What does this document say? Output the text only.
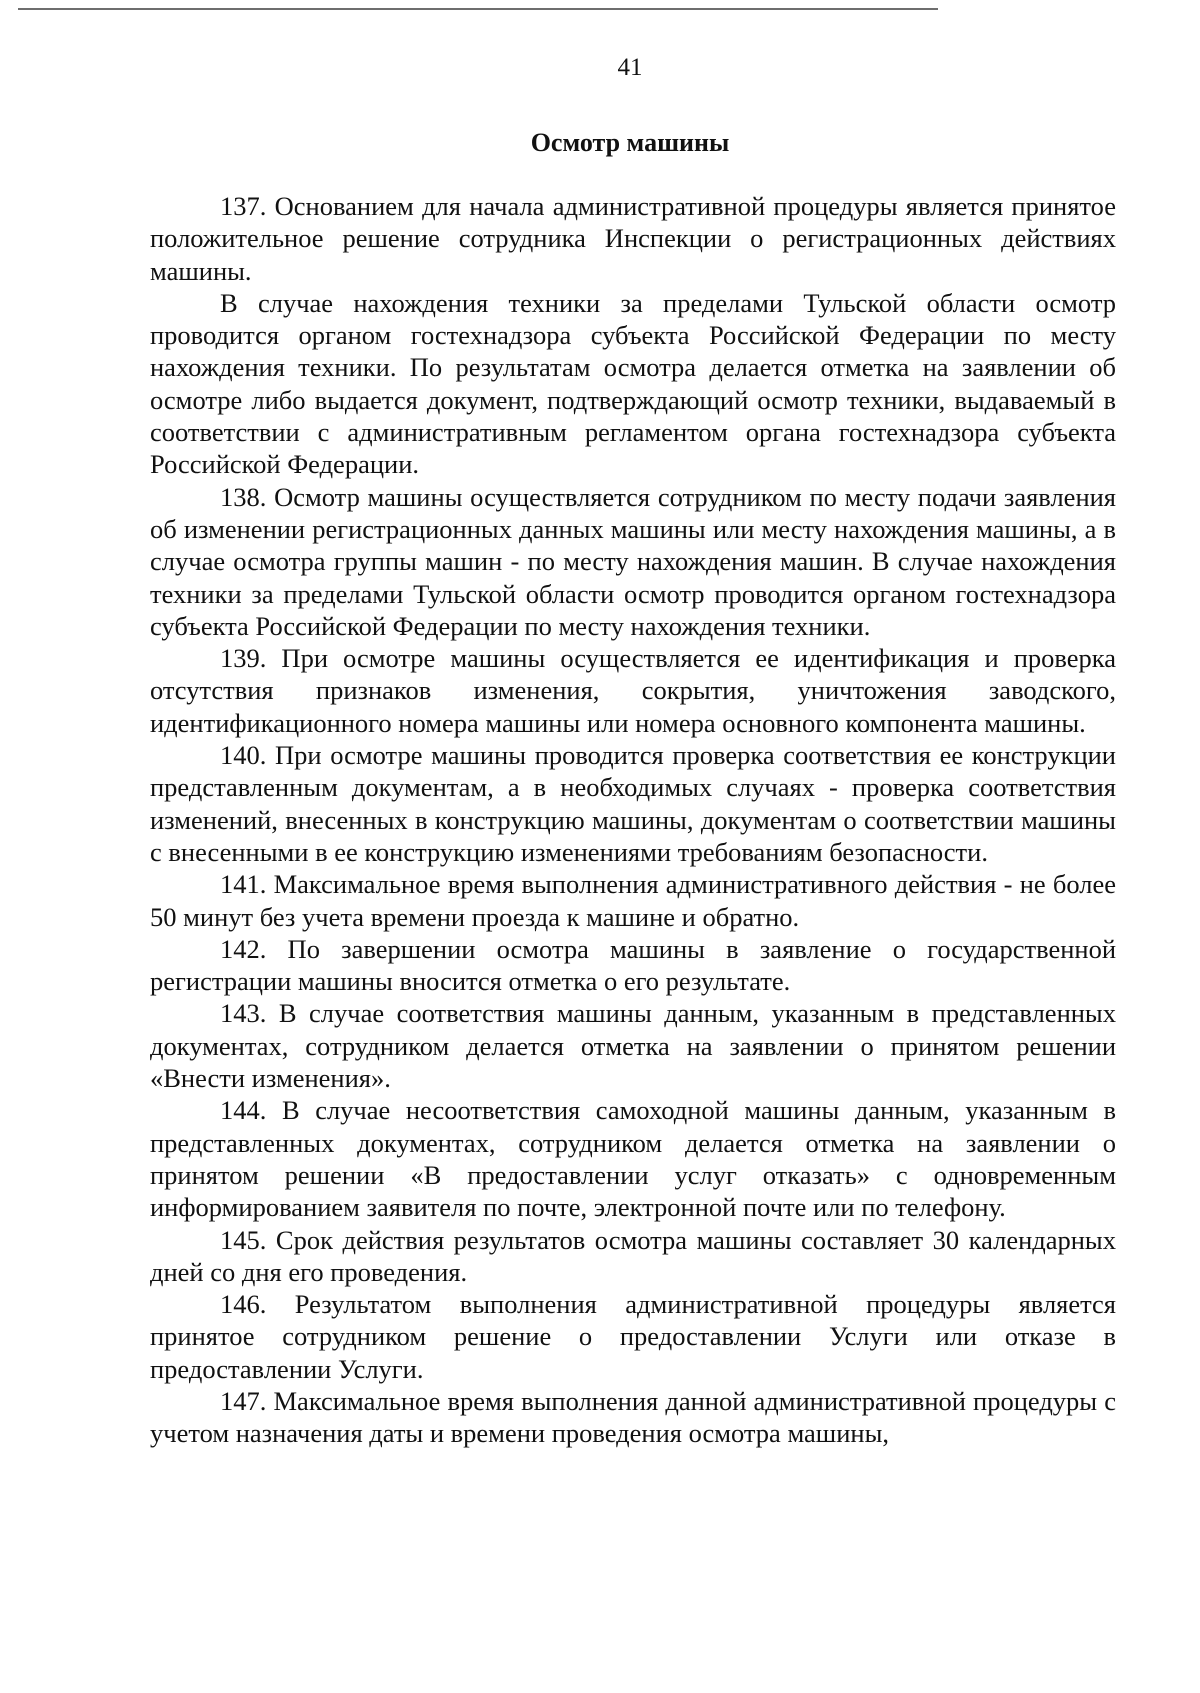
41
Осмотр машины

137. Основанием для начала административной процедуры является принятое положительное решение сотрудника Инспекции о регистрационных действиях машины.

В случае нахождения техники за пределами Тульской области осмотр проводится органом гостехнадзора субъекта Российской Федерации по месту нахождения техники. По результатам осмотра делается отметка на заявлении об осмотре либо выдается документ, подтверждающий осмотр техники, выдаваемый в соответствии с административным регламентом органа гостехнадзора субъекта Российской Федерации.

138. Осмотр машины осуществляется сотрудником по месту подачи заявления об изменении регистрационных данных машины или месту нахождения машины, а в случае осмотра группы машин - по месту нахождения машин. В случае нахождения техники за пределами Тульской области осмотр проводится органом гостехнадзора субъекта Российской Федерации по месту нахождения техники.

139. При осмотре машины осуществляется ее идентификация и проверка отсутствия признаков изменения, сокрытия, уничтожения заводского, идентификационного номера машины или номера основного компонента машины.

140. При осмотре машины проводится проверка соответствия ее конструкции представленным документам, а в необходимых случаях - проверка соответствия изменений, внесенных в конструкцию машины, документам о соответствии машины с внесенными в ее конструкцию изменениями требованиям безопасности.

141. Максимальное время выполнения административного действия - не более 50 минут без учета времени проезда к машине и обратно.

142. По завершении осмотра машины в заявление о государственной регистрации машины вносится отметка о его результате.

143. В случае соответствия машины данным, указанным в представленных документах, сотрудником делается отметка на заявлении о принятом решении «Внести изменения».

144. В случае несоответствия самоходной машины данным, указанным в представленных документах, сотрудником делается отметка на заявлении о принятом решении «В предоставлении услуг отказать» с одновременным информированием заявителя по почте, электронной почте или по телефону.

145. Срок действия результатов осмотра машины составляет 30 календарных дней со дня его проведения.

146. Результатом выполнения административной процедуры является принятое сотрудником решение о предоставлении Услуги или отказе в предоставлении Услуги.

147. Максимальное время выполнения данной административной процедуры с учетом назначения даты и времени проведения осмотра машины,
